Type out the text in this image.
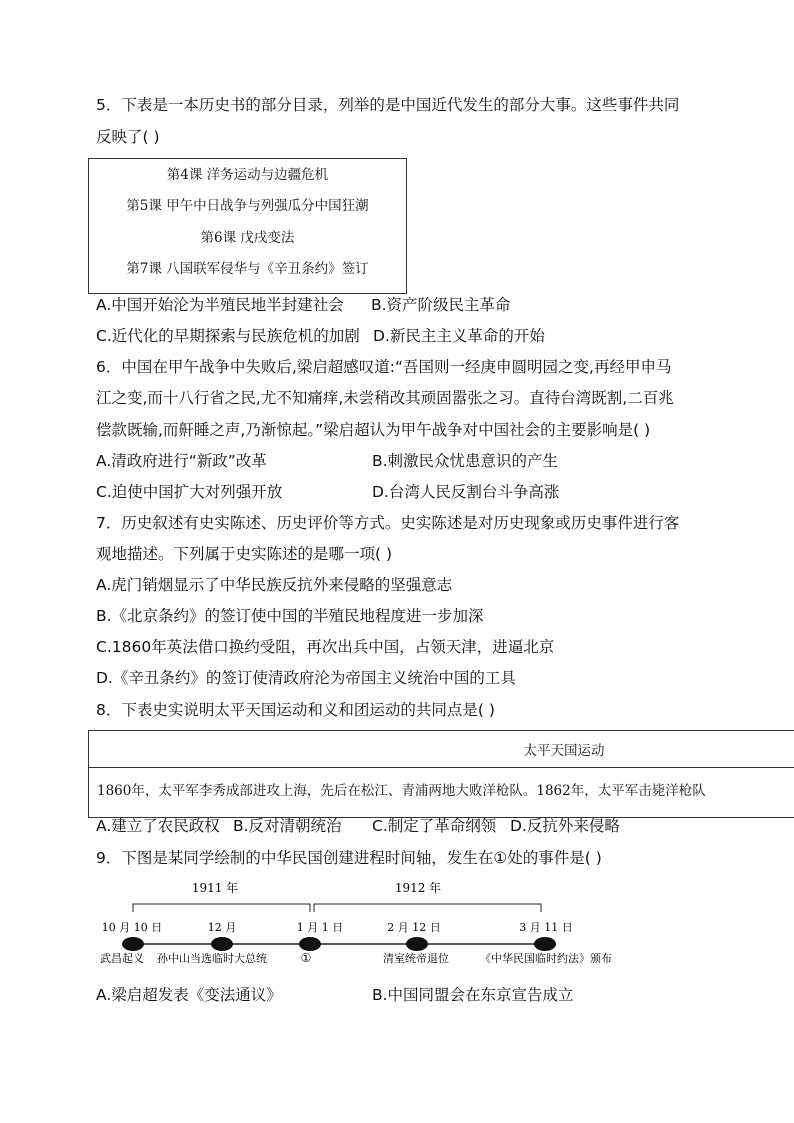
5．下表是一本历史书的部分目录，列举的是中国近代发生的部分大事。这些事件共同
反映了( )
第4课 洋务运动与边疆危机
第5课 甲午中日战争与列强瓜分中国狂潮
第6课 戊戌变法
第7课 八国联军侵华与《辛丑条约》签订
A.中国开始沦为半殖民地半封建社会 B.资产阶级民主革命
C.近代化的早期探索与民族危机的加剧 D.新民主主义革命的开始
6．中国在甲午战争中失败后,梁启超感叹道:“吾国则一经庚申圆明园之变,再经甲申马
江之变,而十八行省之民,尤不知痛痒,未尝稍改其顽固嚣张之习。直待台湾既割,二百兆
偿款既输,而鼾睡之声,乃渐惊起。”梁启超认为甲午战争对中国社会的主要影响是( )
A.清政府进行“新政”改革	B.刺激民众忧患意识的产生
C.迫使中国扩大对列强开放	D.台湾人民反割台斗争高涨
7．历史叙述有史实陈述、历史评价等方式。史实陈述是对历史现象或历史事件进行客
观地描述。下列属于史实陈述的是哪一项( )
A.虎门销烟显示了中华民族反抗外来侵略的坚强意志
B.《北京条约》的签订使中国的半殖民地程度进一步加深
C.1860年英法借口换约受阻，再次出兵中国，占领天津，进逼北京
D.《辛丑条约》的签订使清政府沦为帝国主义统治中国的工具
8．下表史实说明太平天国运动和义和团运动的共同点是( )
太平天国运动
1860年，太平军李秀成部进攻上海，先后在松江、青浦两地大败洋枪队。1862年，太平军击毙洋枪队
A.建立了农民政权 B.反对清朝统治 C.制定了革命纲领 D.反抗外来侵略
9．下图是某同学绘制的中华民国创建进程时间轴，发生在①处的事件是( )
1911 年	1912 年
10 月 10 日	12 月	1 月 1 日	2 月 12 日	3 月 11 日
武昌起义 孙中山当选临时大总统	①	清室统帝退位	《中华民国临时约法》颁布
A.梁启超发表《变法通议》	B.中国同盟会在东京宣告成立
